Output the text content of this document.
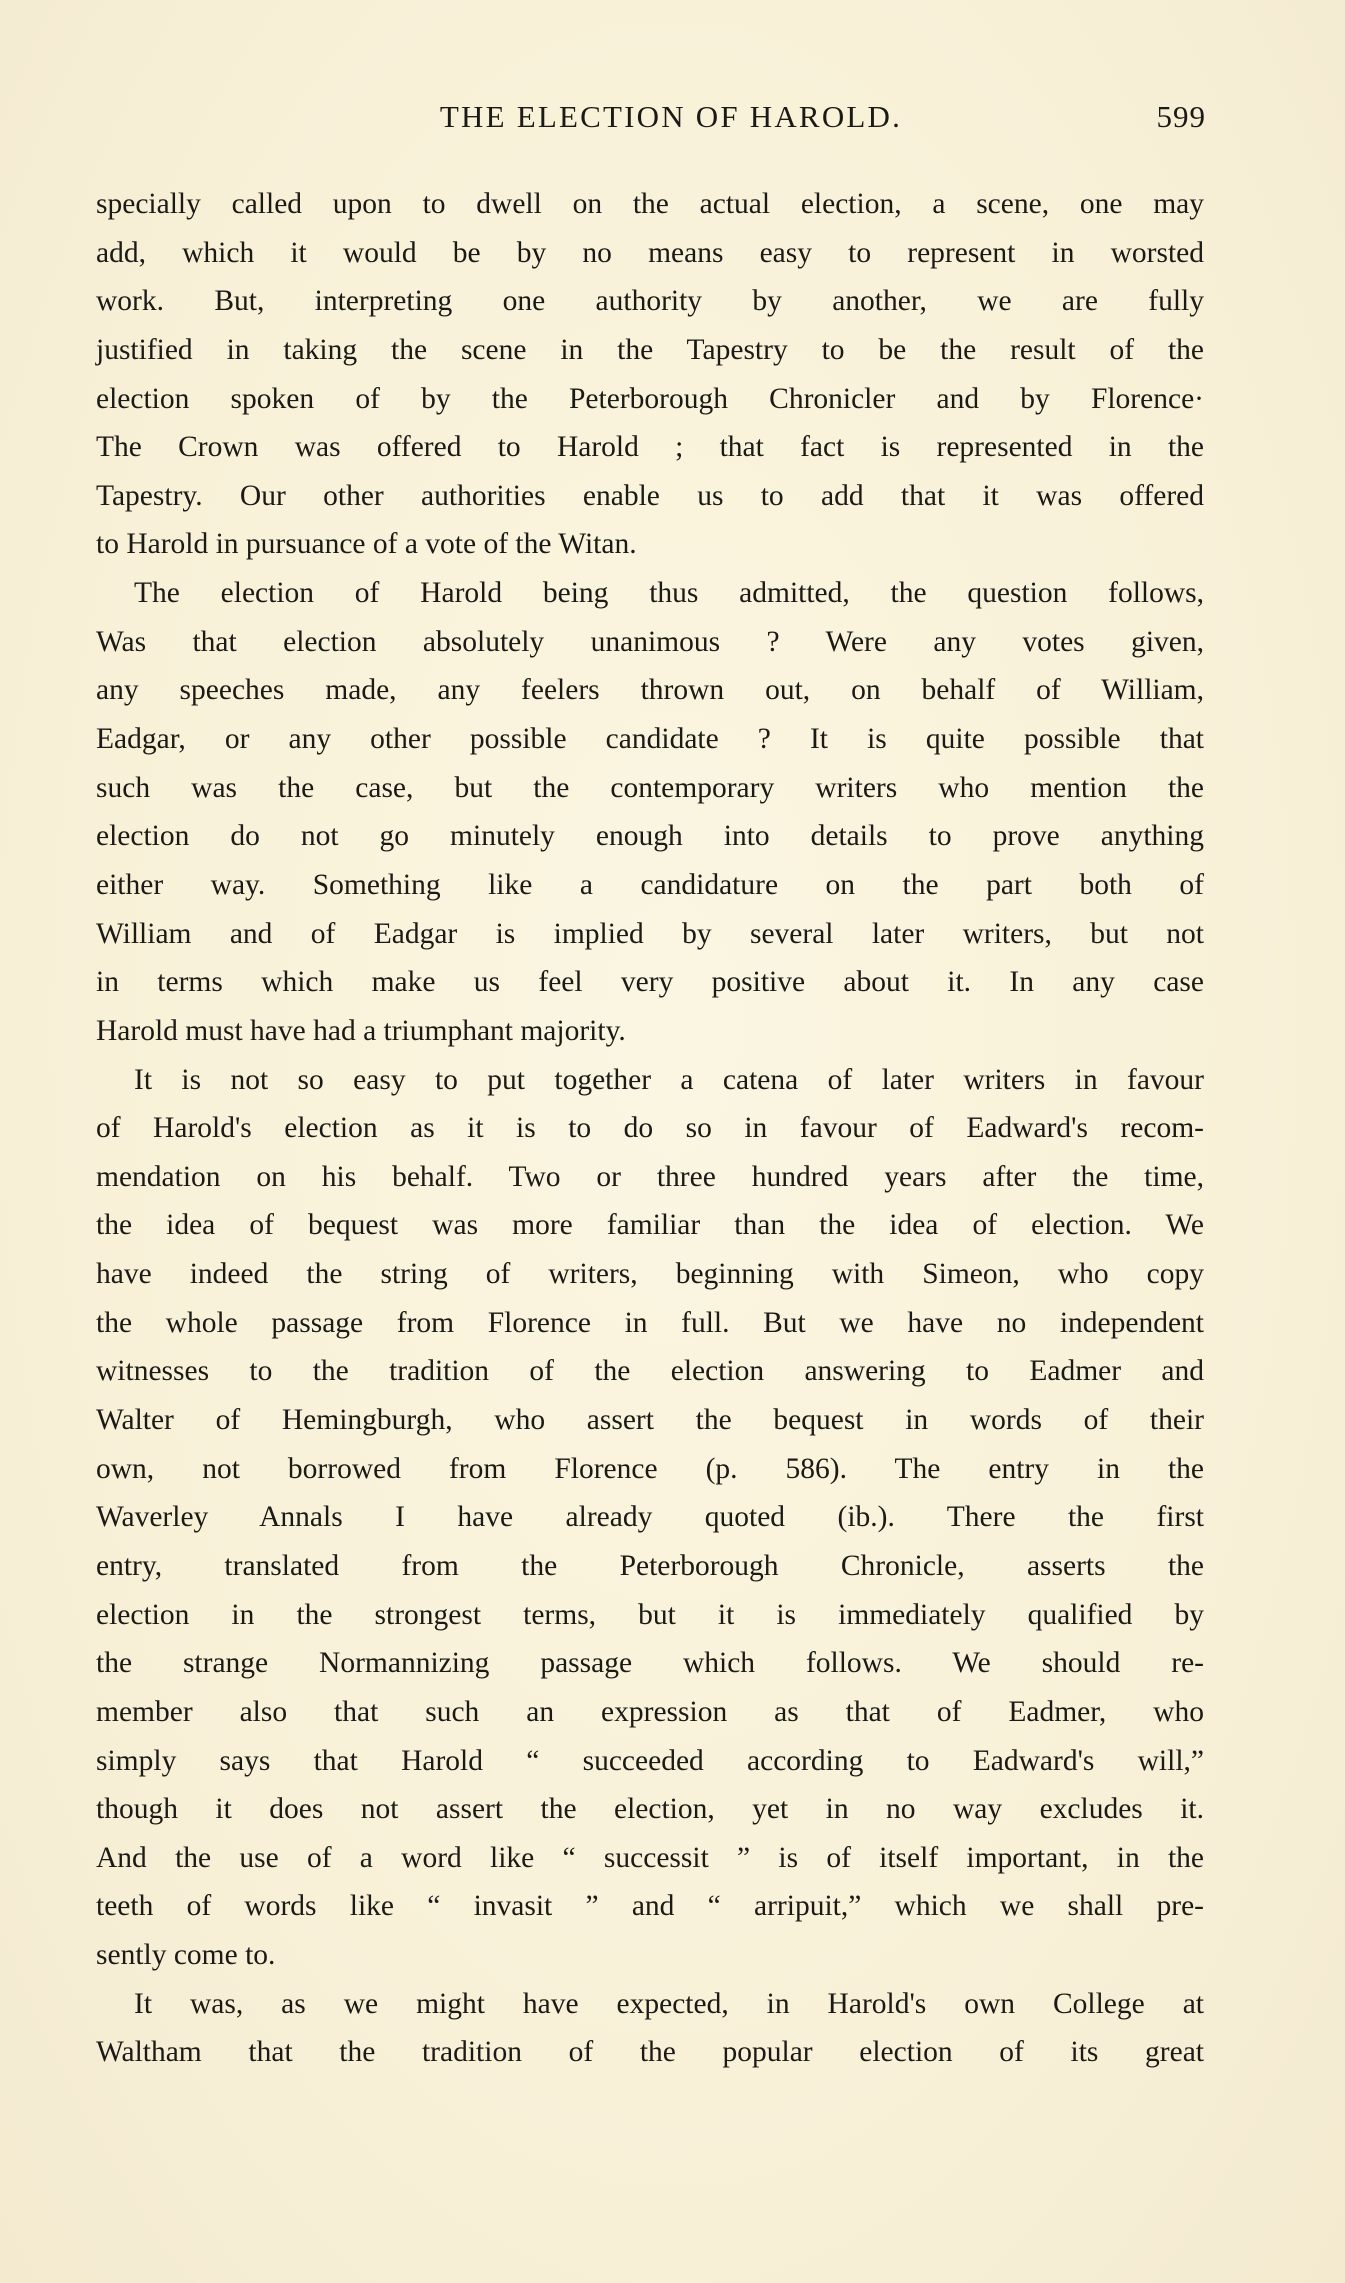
THE ELECTION OF HAROLD.	599
specially called upon to dwell on the actual election, a scene, one may
add, which it would be by no means easy to represent in worsted
work. But, interpreting one authority by another, we are fully
justified in taking the scene in the Tapestry to be the result of the
election spoken of by the Peterborough Chronicler and by Florence·
The Crown was offered to Harold ; that fact is represented in the
Tapestry. Our other authorities enable us to add that it was offered
to Harold in pursuance of a vote of the Witan.
The election of Harold being thus admitted, the question follows,
Was that election absolutely unanimous ? Were any votes given,
any speeches made, any feelers thrown out, on behalf of William,
Eadgar, or any other possible candidate ? It is quite possible that
such was the case, but the contemporary writers who mention the
election do not go minutely enough into details to prove anything
either way. Something like a candidature on the part both of
William and of Eadgar is implied by several later writers, but not
in terms which make us feel very positive about it. In any case
Harold must have had a triumphant majority.
It is not so easy to put together a catena of later writers in favour
of Harold's election as it is to do so in favour of Eadward's recom-
mendation on his behalf. Two or three hundred years after the time,
the idea of bequest was more familiar than the idea of election. We
have indeed the string of writers, beginning with Simeon, who copy
the whole passage from Florence in full. But we have no independent
witnesses to the tradition of the election answering to Eadmer and
Walter of Hemingburgh, who assert the bequest in words of their
own, not borrowed from Florence (p. 586). The entry in the
Waverley Annals I have already quoted (ib.). There the first
entry, translated from the Peterborough Chronicle, asserts the
election in the strongest terms, but it is immediately qualified by
the strange Normannizing passage which follows. We should re-
member also that such an expression as that of Eadmer, who
simply says that Harold “ succeeded according to Eadward's will,”
though it does not assert the election, yet in no way excludes it.
And the use of a word like “ successit ” is of itself important, in the
teeth of words like “ invasit ” and “ arripuit,” which we shall pre-
sently come to.
It was, as we might have expected, in Harold's own College at
Waltham that the tradition of the popular election of its great
